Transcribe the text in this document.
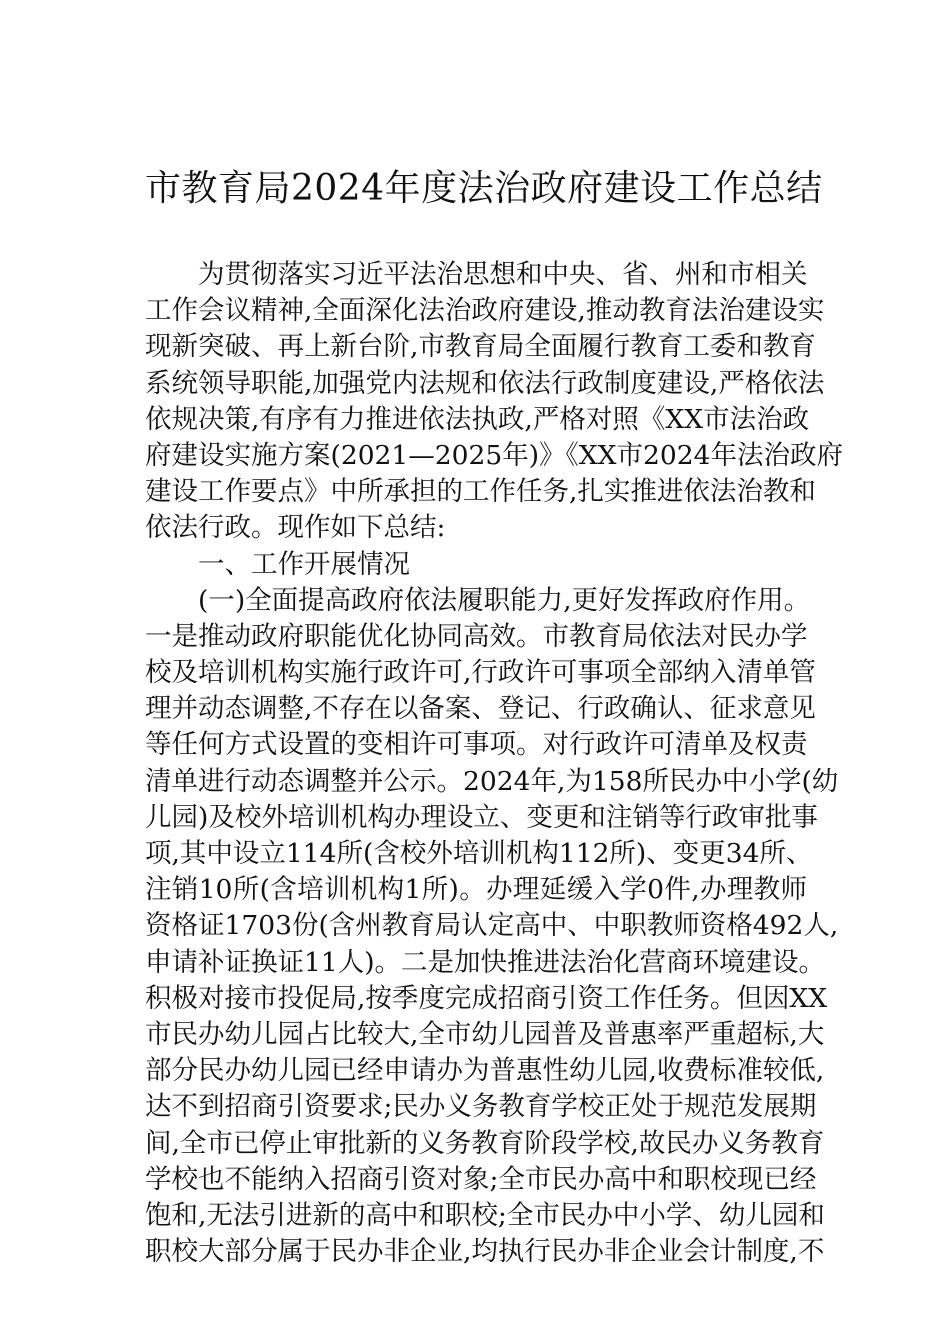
市教育局2024年度法治政府建设工作总结
为贯彻落实习近平法治思想和中央、省、州和市相关
工作会议精神,全面深化法治政府建设,推动教育法治建设实
现新突破、再上新台阶,市教育局全面履行教育工委和教育
系统领导职能,加强党内法规和依法行政制度建设,严格依法
依规决策,有序有力推进依法执政,严格对照《XX市法治政
府建设实施方案(2021—2025年)》《XX市2024年法治政府
建设工作要点》中所承担的工作任务,扎实推进依法治教和
依法行政。现作如下总结:
一、工作开展情况
(一)全面提高政府依法履职能力,更好发挥政府作用。
一是推动政府职能优化协同高效。市教育局依法对民办学
校及培训机构实施行政许可,行政许可事项全部纳入清单管
理并动态调整,不存在以备案、登记、行政确认、征求意见
等任何方式设置的变相许可事项。对行政许可清单及权责
清单进行动态调整并公示。2024年,为158所民办中小学(幼
儿园)及校外培训机构办理设立、变更和注销等行政审批事
项,其中设立114所(含校外培训机构112所)、变更34所、
注销10所(含培训机构1所)。办理延缓入学0件,办理教师
资格证1703份(含州教育局认定高中、中职教师资格492人,
申请补证换证11人)。二是加快推进法治化营商环境建设。
积极对接市投促局,按季度完成招商引资工作任务。但因XX
市民办幼儿园占比较大,全市幼儿园普及普惠率严重超标,大
部分民办幼儿园已经申请办为普惠性幼儿园,收费标准较低,
达不到招商引资要求;民办义务教育学校正处于规范发展期
间,全市已停止审批新的义务教育阶段学校,故民办义务教育
学校也不能纳入招商引资对象;全市民办高中和职校现已经
饱和,无法引进新的高中和职校;全市民办中小学、幼儿园和
职校大部分属于民办非企业,均执行民办非企业会计制度,不
